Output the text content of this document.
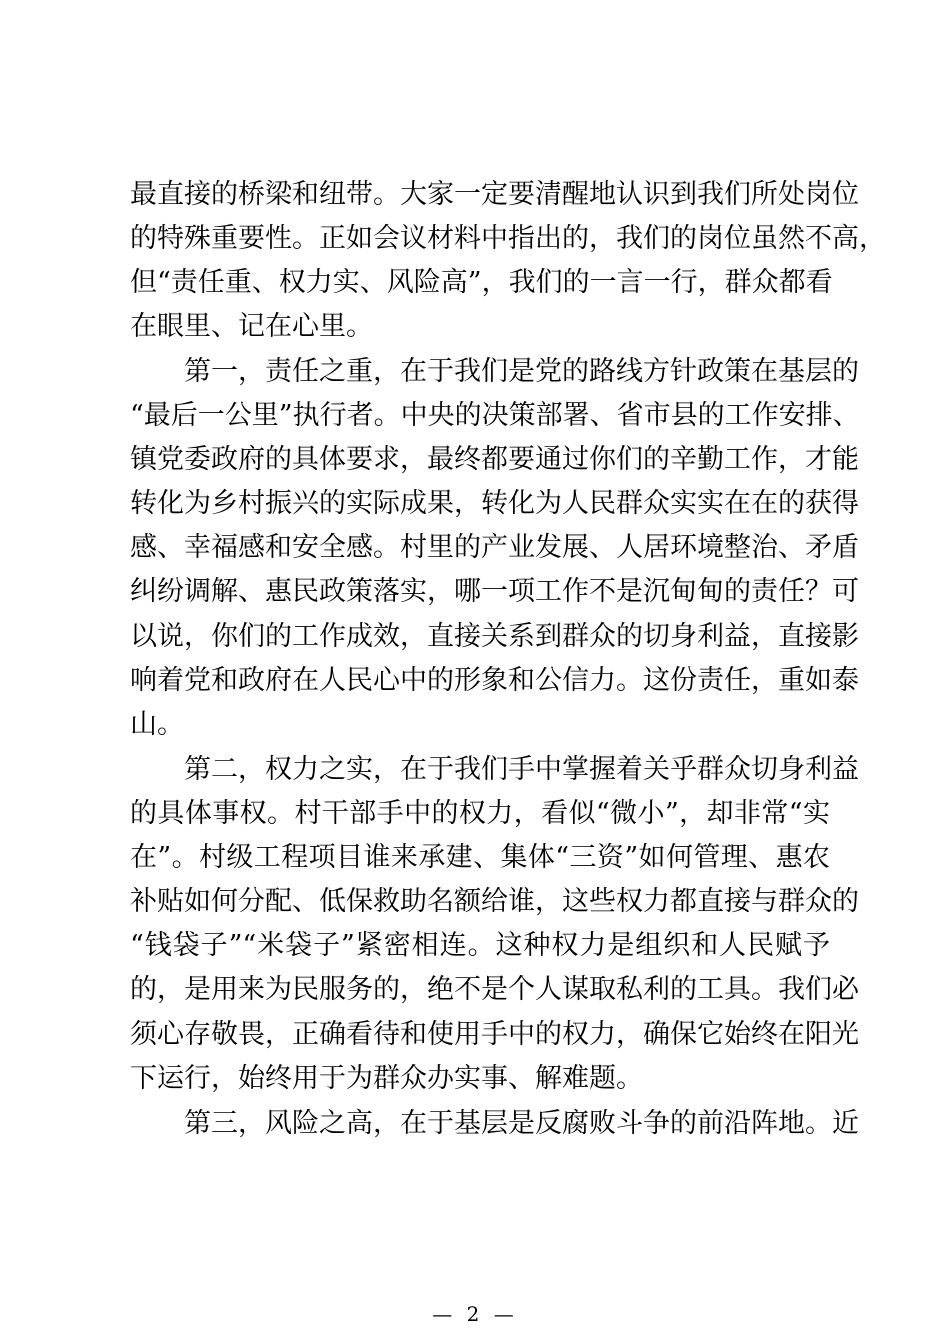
最直接的桥梁和纽带。大家一定要清醒地认识到我们所处岗位
的特殊重要性。正如会议材料中指出的，我们的岗位虽然不高，
但“责任重、权力实、风险高”，我们的一言一行，群众都看
在眼里、记在心里。
　　第一，责任之重，在于我们是党的路线方针政策在基层的
“最后一公里”执行者。中央的决策部署、省市县的工作安排、
镇党委政府的具体要求，最终都要通过你们的辛勤工作，才能
转化为乡村振兴的实际成果，转化为人民群众实实在在的获得
感、幸福感和安全感。村里的产业发展、人居环境整治、矛盾
纠纷调解、惠民政策落实，哪一项工作不是沉甸甸的责任？可
以说，你们的工作成效，直接关系到群众的切身利益，直接影
响着党和政府在人民心中的形象和公信力。这份责任，重如泰
山。
　　第二，权力之实，在于我们手中掌握着关乎群众切身利益
的具体事权。村干部手中的权力，看似“微小”，却非常“实
在”。村级工程项目谁来承建、集体“三资”如何管理、惠农
补贴如何分配、低保救助名额给谁，这些权力都直接与群众的
“钱袋子”“米袋子”紧密相连。这种权力是组织和人民赋予
的，是用来为民服务的，绝不是个人谋取私利的工具。我们必
须心存敬畏，正确看待和使用手中的权力，确保它始终在阳光
下运行，始终用于为群众办实事、解难题。
　　第三，风险之高，在于基层是反腐败斗争的前沿阵地。近
— 2 —
